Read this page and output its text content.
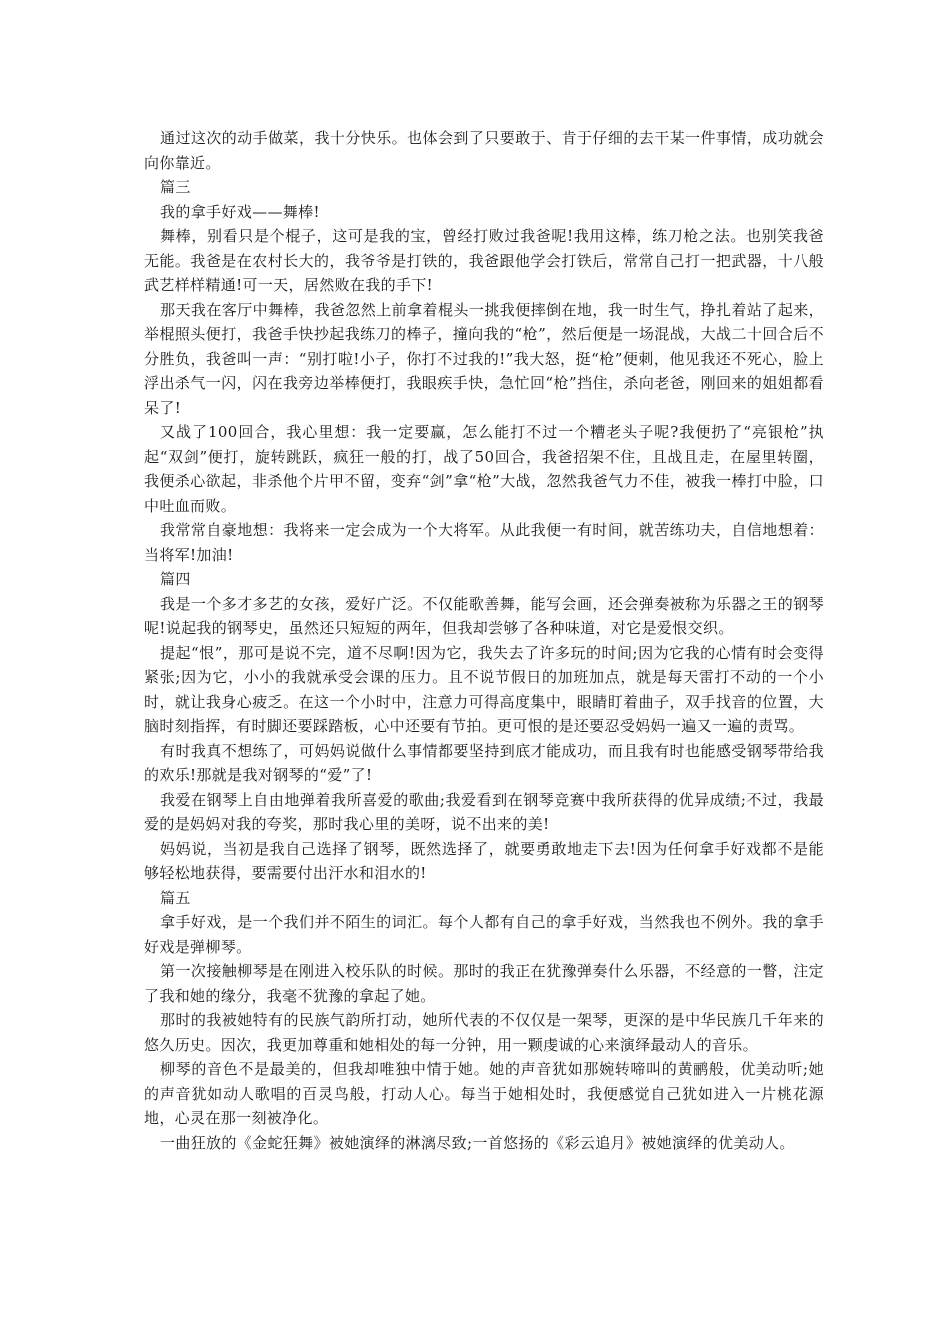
通过这次的动手做菜，我十分快乐。也体会到了只要敢于、肯于仔细的去干某一件事情，成功就会向你靠近。

篇三

我的拿手好戏——舞棒!

舞棒，别看只是个棍子，这可是我的宝，曾经打败过我爸呢!我用这棒，练刀枪之法。也别笑我爸无能。我爸是在农村长大的，我爷爷是打铁的，我爸跟他学会打铁后，常常自己打一把武器，十八般武艺样样精通!可一天，居然败在我的手下!

那天我在客厅中舞棒，我爸忽然上前拿着棍头一挑我便摔倒在地，我一时生气，挣扎着站了起来，举棍照头便打，我爸手快抄起我练刀的棒子，撞向我的“枪”，然后便是一场混战，大战二十回合后不分胜负，我爸叫一声：“别打啦!小子，你打不过我的!”我大怒，挺“枪”便刺，他见我还不死心，脸上浮出杀气一闪，闪在我旁边举棒便打，我眼疾手快，急忙回“枪”挡住，杀向老爸，刚回来的姐姐都看呆了!

又战了100回合，我心里想：我一定要赢，怎么能打不过一个糟老头子呢?我便扔了“亮银枪”执起“双剑”便打，旋转跳跃，疯狂一般的打，战了50回合，我爸招架不住，且战且走，在屋里转圈，我便杀心欲起，非杀他个片甲不留，变弃“剑”拿“枪”大战，忽然我爸气力不佳，被我一棒打中脸，口中吐血而败。

我常常自豪地想：我将来一定会成为一个大将军。从此我便一有时间，就苦练功夫，自信地想着：当将军!加油!

篇四

我是一个多才多艺的女孩，爱好广泛。不仅能歌善舞，能写会画，还会弹奏被称为乐器之王的钢琴呢!说起我的钢琴史，虽然还只短短的两年，但我却尝够了各种味道，对它是爱恨交织。

提起“恨”，那可是说不完，道不尽啊!因为它，我失去了许多玩的时间;因为它我的心情有时会变得紧张;因为它，小小的我就承受会课的压力。且不说节假日的加班加点，就是每天雷打不动的一个小时，就让我身心疲乏。在这一个小时中，注意力可得高度集中，眼睛盯着曲子，双手找音的位置，大脑时刻指挥，有时脚还要踩踏板，心中还要有节拍。更可恨的是还要忍受妈妈一遍又一遍的责骂。

有时我真不想练了，可妈妈说做什么事情都要坚持到底才能成功，而且我有时也能感受钢琴带给我的欢乐!那就是我对钢琴的“爱”了!

我爱在钢琴上自由地弹着我所喜爱的歌曲;我爱看到在钢琴竞赛中我所获得的优异成绩;不过，我最爱的是妈妈对我的夸奖，那时我心里的美呀，说不出来的美!

妈妈说，当初是我自己选择了钢琴，既然选择了，就要勇敢地走下去!因为任何拿手好戏都不是能够轻松地获得，要需要付出汗水和泪水的!

篇五

拿手好戏，是一个我们并不陌生的词汇。每个人都有自己的拿手好戏，当然我也不例外。我的拿手好戏是弹柳琴。

第一次接触柳琴是在刚进入校乐队的时候。那时的我正在犹豫弹奏什么乐器，不经意的一瞥，注定了我和她的缘分，我毫不犹豫的拿起了她。

那时的我被她特有的民族气韵所打动，她所代表的不仅仅是一架琴，更深的是中华民族几千年来的悠久历史。因次，我更加尊重和她相处的每一分钟，用一颗虔诚的心来演绎最动人的音乐。

柳琴的音色不是最美的，但我却唯独中情于她。她的声音犹如那婉转啼叫的黄鹂般，优美动听;她的声音犹如动人歌唱的百灵鸟般，打动人心。每当于她相处时，我便感觉自己犹如进入一片桃花源地，心灵在那一刻被净化。

一曲狂放的《金蛇狂舞》被她演绎的淋漓尽致;一首悠扬的《彩云追月》被她演绎的优美动人。
